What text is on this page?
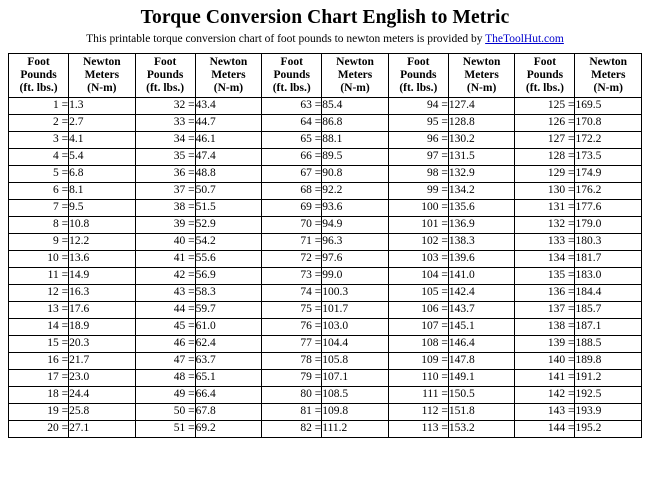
Torque Conversion Chart English to Metric

This printable torque conversion chart of foot pounds to newton meters is provided by TheToolHut.com

Foot
Pounds
(ft. lbs.)	Newton
Meters
(N-m)	Foot
Pounds
(ft. lbs.)	Newton
Meters
(N-m)	Foot
Pounds
(ft. lbs.)	Newton
Meters
(N-m)	Foot
Pounds
(ft. lbs.)	Newton
Meters
(N-m)	Foot
Pounds
(ft. lbs.)	Newton
Meters
(N-m)

1 =	1.3	32 =	43.4	63 =	85.4	94 =	127.4	125 =	169.5
2 =	2.7	33 =	44.7	64 =	86.8	95 =	128.8	126 =	170.8
3 =	4.1	34 =	46.1	65 =	88.1	96 =	130.2	127 =	172.2
4 =	5.4	35 =	47.4	66 =	89.5	97 =	131.5	128 =	173.5
5 =	6.8	36 =	48.8	67 =	90.8	98 =	132.9	129 =	174.9
6 =	8.1	37 =	50.7	68 =	92.2	99 =	134.2	130 =	176.2
7 =	9.5	38 =	51.5	69 =	93.6	100 =	135.6	131 =	177.6
8 =	10.8	39 =	52.9	70 =	94.9	101 =	136.9	132 =	179.0
9 =	12.2	40 =	54.2	71 =	96.3	102 =	138.3	133 =	180.3
10 =	13.6	41 =	55.6	72 =	97.6	103 =	139.6	134 =	181.7
11 =	14.9	42 =	56.9	73 =	99.0	104 =	141.0	135 =	183.0
12 =	16.3	43 =	58.3	74 =	100.3	105 =	142.4	136 =	184.4
13 =	17.6	44 =	59.7	75 =	101.7	106 =	143.7	137 =	185.7
14 =	18.9	45 =	61.0	76 =	103.0	107 =	145.1	138 =	187.1
15 =	20.3	46 =	62.4	77 =	104.4	108 =	146.4	139 =	188.5
16 =	21.7	47 =	63.7	78 =	105.8	109 =	147.8	140 =	189.8
17 =	23.0	48 =	65.1	79 =	107.1	110 =	149.1	141 =	191.2
18 =	24.4	49 =	66.4	80 =	108.5	111 =	150.5	142 =	192.5
19 =	25.8	50 =	67.8	81 =	109.8	112 =	151.8	143 =	193.9
20 =	27.1	51 =	69.2	82 =	111.2	113 =	153.2	144 =	195.2
